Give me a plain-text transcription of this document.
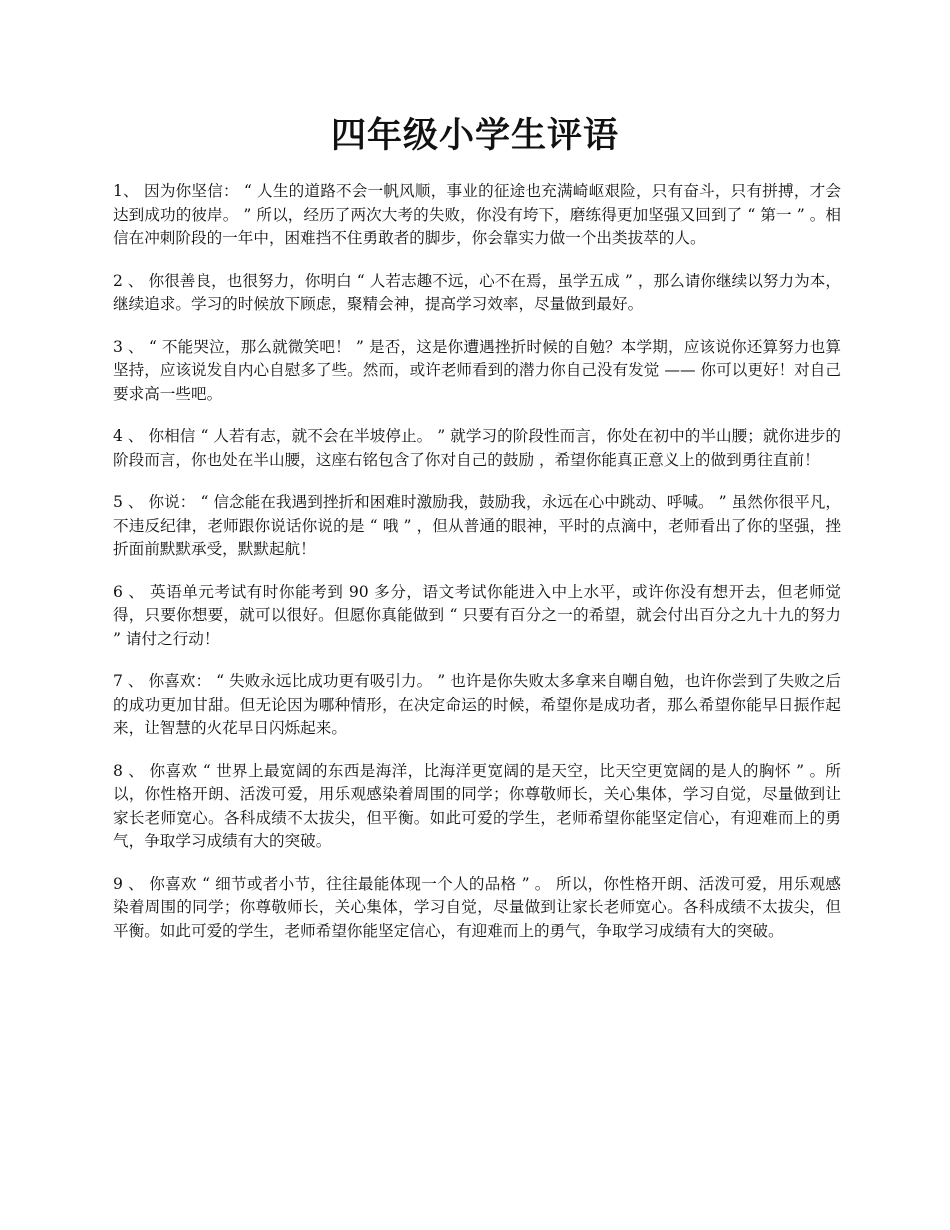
四年级小学生评语

1、 因为你坚信： “ 人生的道路不会一帆风顺，事业的征途也充满崎岖艰险，只有奋斗，只有拼搏，才会达到成功的彼岸。 ” 所以，经历了两次大考的失败，你没有垮下，磨练得更加坚强又回到了 “ 第一 ” 。相信在冲刺阶段的一年中，困难挡不住勇敢者的脚步，你会靠实力做一个出类拔萃的人。

2 、 你很善良，也很努力，你明白 “ 人若志趣不远，心不在焉，虽学五成 ” ，那么请你继续以努力为本，继续追求。学习的时候放下顾虑，聚精会神，提高学习效率，尽量做到最好。

3 、 “ 不能哭泣，那么就微笑吧！ ” 是否，这是你遭遇挫折时候的自勉？本学期，应该说你还算努力也算坚持，应该说发自内心自慰多了些。然而，或许老师看到的潜力你自己没有发觉 —— 你可以更好！对自己要求高一些吧。

4 、 你相信 “ 人若有志，就不会在半坡停止。 ” 就学习的阶段性而言，你处在初中的半山腰；就你进步的阶段而言，你也处在半山腰，这座右铭包含了你对自己的鼓励 ，希望你能真正意义上的做到勇往直前！

5 、 你说： “ 信念能在我遇到挫折和困难时激励我，鼓励我，永远在心中跳动、呼喊。 ” 虽然你很平凡，不违反纪律，老师跟你说话你说的是 “ 哦 ” ，但从普通的眼神，平时的点滴中，老师看出了你的坚强，挫折面前默默承受，默默起航！

6 、 英语单元考试有时你能考到 90 多分，语文考试你能进入中上水平，或许你没有想开去，但老师觉得，只要你想要，就可以很好。但愿你真能做到 “ 只要有百分之一的希望，就会付出百分之九十九的努力 ” 请付之行动！

7 、 你喜欢： “ 失败永远比成功更有吸引力。 ” 也许是你失败太多拿来自嘲自勉，也许你尝到了失败之后的成功更加甘甜。但无论因为哪种情形，在决定命运的时候，希望你是成功者，那么希望你能早日振作起来，让智慧的火花早日闪烁起来。

8 、 你喜欢 “ 世界上最宽阔的东西是海洋，比海洋更宽阔的是天空，比天空更宽阔的是人的胸怀 ” 。所以，你性格开朗、活泼可爱，用乐观感染着周围的同学；你尊敬师长，关心集体，学习自觉，尽量做到让家长老师宽心。各科成绩不太拔尖，但平衡。如此可爱的学生，老师希望你能坚定信心，有迎难而上的勇气，争取学习成绩有大的突破。

9 、 你喜欢 “ 细节或者小节，往往最能体现一个人的品格 ” 。 所以，你性格开朗、活泼可爱，用乐观感染着周围的同学；你尊敬师长，关心集体，学习自觉，尽量做到让家长老师宽心。各科成绩不太拔尖，但平衡。如此可爱的学生，老师希望你能坚定信心，有迎难而上的勇气，争取学习成绩有大的突破。
